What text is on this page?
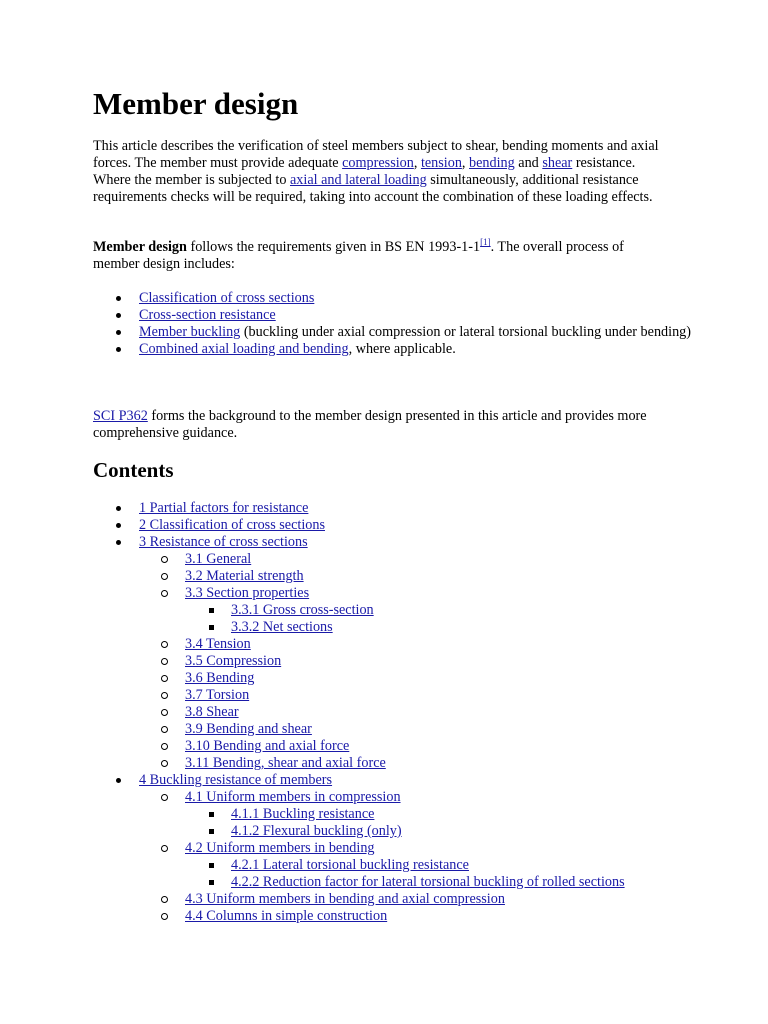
Member design

This article describes the verification of steel members subject to shear, bending moments and axial forces. The member must provide adequate compression, tension, bending and shear resistance. Where the member is subjected to axial and lateral loading simultaneously, additional resistance requirements checks will be required, taking into account the combination of these loading effects.

Member design follows the requirements given in BS EN 1993-1-1[1]. The overall process of member design includes:

Classification of cross sections
Cross-section resistance
Member buckling (buckling under axial compression or lateral torsional buckling under bending)
Combined axial loading and bending, where applicable.

SCI P362 forms the background to the member design presented in this article and provides more comprehensive guidance.

Contents
1 Partial factors for resistance
2 Classification of cross sections
3 Resistance of cross sections
3.1 General
3.2 Material strength
3.3 Section properties
3.3.1 Gross cross-section
3.3.2 Net sections
3.4 Tension
3.5 Compression
3.6 Bending
3.7 Torsion
3.8 Shear
3.9 Bending and shear
3.10 Bending and axial force
3.11 Bending, shear and axial force
4 Buckling resistance of members
4.1 Uniform members in compression
4.1.1 Buckling resistance
4.1.2 Flexural buckling (only)
4.2 Uniform members in bending
4.2.1 Lateral torsional buckling resistance
4.2.2 Reduction factor for lateral torsional buckling of rolled sections
4.3 Uniform members in bending and axial compression
4.4 Columns in simple construction
